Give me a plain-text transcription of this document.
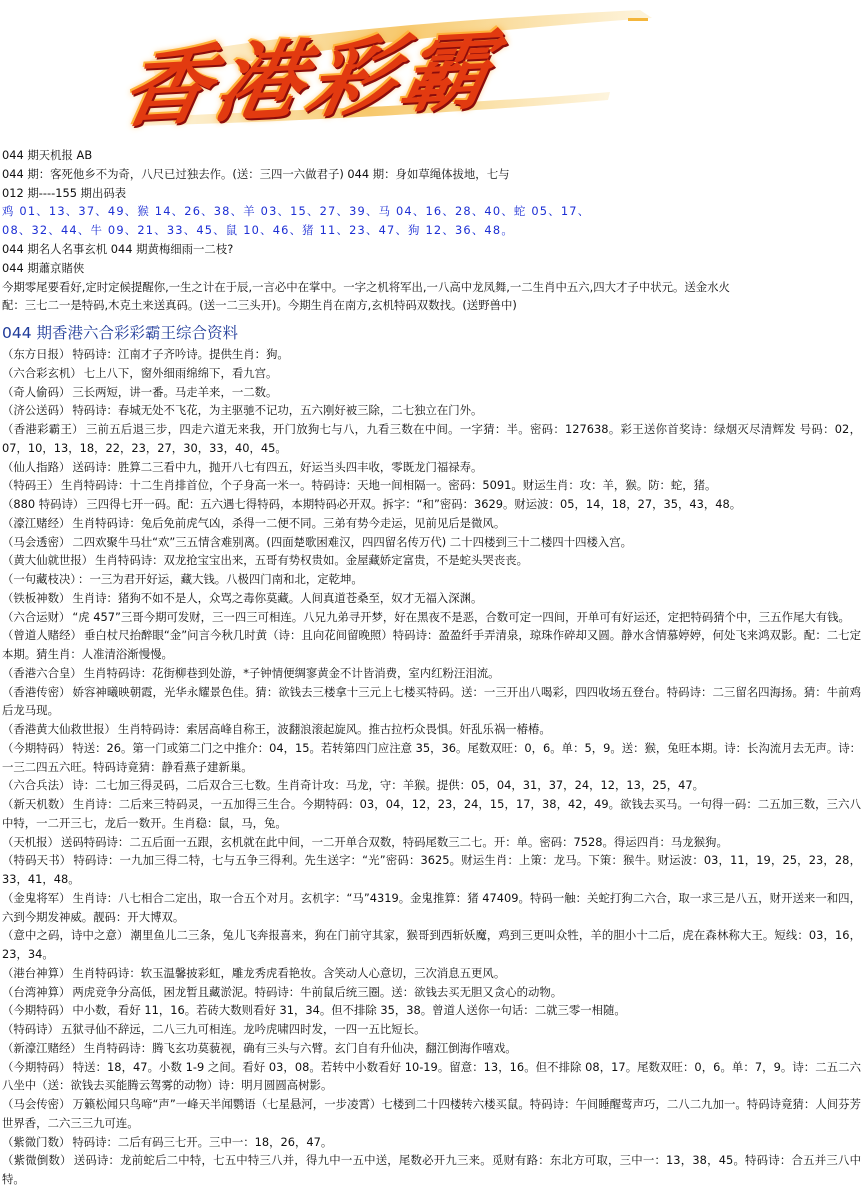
香港彩霸
044 期天机报 AB
044 期：客死他乡不为奇，八尺已过独去作。(送：三四一六做君子) 044 期：身如草绳体拔地，七与
012 期----155 期出码表
鸡 01、13、37、49、猴 14、26、38、羊 03、15、27、39、马 04、16、28、40、蛇 05、17、
08、32、44、牛 09、21、33、45、鼠 10、46、猪 11、23、47、狗 12、36、48。
044 期名人名事玄机 044 期黄梅细雨一二枝?
044 期蕭京賭俠
今期零尾要看好,定时定候提醒你,一生之计在于辰,一言必中在掌中。一字之机将军出,一八高中龙凤舞,一二生肖中五六,四大才子中状元。送金水火
配：三七二一是特码,木克土来送真码。(送一二三头开)。今期生肖在南方,玄机特码双数找。(送野兽中)
044 期香港六合彩彩霸王综合资料

（东方日报） 特码诗：江南才子齐吟诗。提供生肖：狗。

（六合彩玄机） 七上八下，窗外细雨绵绵下，看九宫。

（奇人偷码） 三长两短，讲一番。马走羊来，一二数。

（济公送码） 特码诗：春城无处不飞花，为主驱驰不记功，五六刚好被三除，二七独立在门外。

（香港彩霸王） 三前五后退三步，四走六道无来我，开门放狗七与八，九看三数在中间。一字猜：半。密码：127638。彩王送你首奖诗：绿烟灭尽清辉发 号码：02，07，10，13，18，22，23，27，30，33，40，45。

（仙人指路） 送码诗：胜算二三看中九，抛开八七有四五，好运当头四丰收，零既龙门福禄寿。

（特码王） 生肖特码诗：十二生肖排首位，个子身高一米一。特码诗：天地一间相隔一。密码：5091。财运生肖：攻：羊，猴。防：蛇，猪。

（880 特码诗） 三四得七开一码。配：五六遇七得特码，本期特码必开双。拆字：“和”密码：3629。财运波：05，14，18，27，35，43，48。

（濠江赌经） 生肖特码诗：兔后免前虎气凶，杀得一二便不同。三弟有势今走运，见前见后是微风。

（马会透密） 二四欢聚牛马壮“欢”三五情含难别离。(四面楚歌困难汉，四四留名传万代) 二十四楼到三十二楼四十四楼入宫。

（黄大仙就世报） 生肖特码诗：双龙抢宝宝出来，五哥有势权贵如。金屋藏娇定富贵，不是蛇头哭丧丧。

（一句藏枝决） ：一三为君开好运，藏大钱。八极四门南和北，定乾坤。

（铁板神数） 生肖诗：猪狗不如不是人，众骂之毒你莫藏。人间真道苍桑至，奴才无福入深渊。

（六合运财） “虎 457”三哥今期可发财，三一四三可相连。八兄九弟寻开梦，好在黑夜不是恶，合数可定一四间，开单可有好运还，定把特码猜个中，三五作尾大有钱。

（曾道人赌经） 垂白杖尺抬醉眼“金”问言今秋几时黄（诗：且向花间留晚照）特码诗：盈盈纤手弄清泉，琼珠作碎却又圆。静水含情慕婷婷，何处飞来鸿双影。配：二七定本期。猜生肖：人准清浴渐慢慢。

（香港六合皇） 生肖特码诗：花街柳巷到处游，*子钟情便绸寥黄金不计皆消费，室内红粉汪泪流。

（香港传密） 娇容神曦映朝霞，光华永耀景色佳。猜：欲钱去三楼拿十三元上七楼买特码。送：一三开出八喝彩，四四收场五登台。特码诗：二三留名四海扬。猜：牛前鸡后龙马现。

（香港黄大仙救世报） 生肖特码诗：索居高峰自称王，波翻浪滚起旋风。推古拉朽众畏惧。奸乱乐祸一椿椿。

（今期特码） 特送：26。第一门或第二门之中推介：04，15。若转第四门应注意 35，36。尾数双旺：0，6。单：5，9。送：猴，兔旺本期。诗：长沟流月去无声。诗：一三二四五六旺。特码诗竟猜：静看燕子建新巢。

（六合兵法） 诗：二七加三得灵码，二后双合三七数。生肖奇计攻：马龙，守：羊猴。提供：05，04，31，37，24，12，13，25，47。

（新天机数） 生肖诗：二后来三特码灵，一五加得三生合。今期特码：03，04，12，23，24，15，17，38，42，49。欲钱去买马。一句得一码：二五加三数，三六八中特，一二开三七，龙后一数开。生肖稳：鼠，马，兔。

（天机报） 送码特码诗：二五后面一五跟，玄机就在此中间，一二开单合双数，特码尾数三二七。开：单。密码：7528。得运四肖：马龙猴狗。

（特码天书） 特码诗：一九加三得二特，七与五争三得利。先生送字：“光”密码：3625。财运生肖：上策：龙马。下策：猴牛。财运波：03，11，19，25，23，28，33，41，48。

（金鬼将军） 生肖诗：八七相合二定出，取一合五个对月。玄机字：“马”4319。金鬼推算：猪 47409。特码一触：关蛇打狗二六合，取一求三是八五，财开送来一和四，六到今期发神威。靓码：开大博双。

（意中之码，诗中之意） 潮里鱼儿二三条，兔儿飞奔报喜来，狗在门前守其家，猴哥到西斩妖魔，鸡到三更叫众牲，羊的胆小十二后，虎在森林称大王。短线：03，16，23，34。

（港台神算） 生肖特码诗：软玉温馨披彩虹，雕龙秀虎看艳妆。含笑动人心意切，三次消息五更风。

（台湾神算） 两虎竞争分高低，困龙暂且藏淤泥。特码诗：牛前鼠后统三圈。送：欲钱去买无胆又贪心的动物。

（今期特码） 中小数，看好 11，16。若砖大数则看好 31，34。但不排除 35，38。曾道人送你一句话：二就三零一相随。

（特码诗） 五狱寻仙不辞远，二八三九可相连。龙吟虎啸四时发，一四一五比短长。

（新濠江赌经） 生肖特码诗：腾飞玄功莫藐视，确有三头与六臂。玄门自有升仙决，翻江倒海作嘻戏。

（今期特码） 特送：18，47。小数 1-9 之间。看好 03，08。若转中小数看好 10-19。留意：13，16。但不排除 08，17。尾数双旺：0，6。单：7，9。诗：二五二六八坐中（送：欲钱去买能腾云驾雾的动物）诗：明月圆圆高树影。

（马会传密） 万籁松闻只鸟啼“声”一峰天半闻鹦语（七星悬河，一步凌霄）七楼到二十四楼转六楼买鼠。特码诗：午间睡醒莺声巧，二八二九加一。特码诗竟猜：人间芬芳世界香，二六三三九可连。

（紫微门数） 特码诗：二后有码三七开。三中一：18，26，47。

（紫微倒数） 送码诗：龙前蛇后二中特，七五中特三八并，得九中一五中送，尾数必开九三来。觅财有路：东北方可取，三中一：13，38，45。特码诗：合五并三八中特。
